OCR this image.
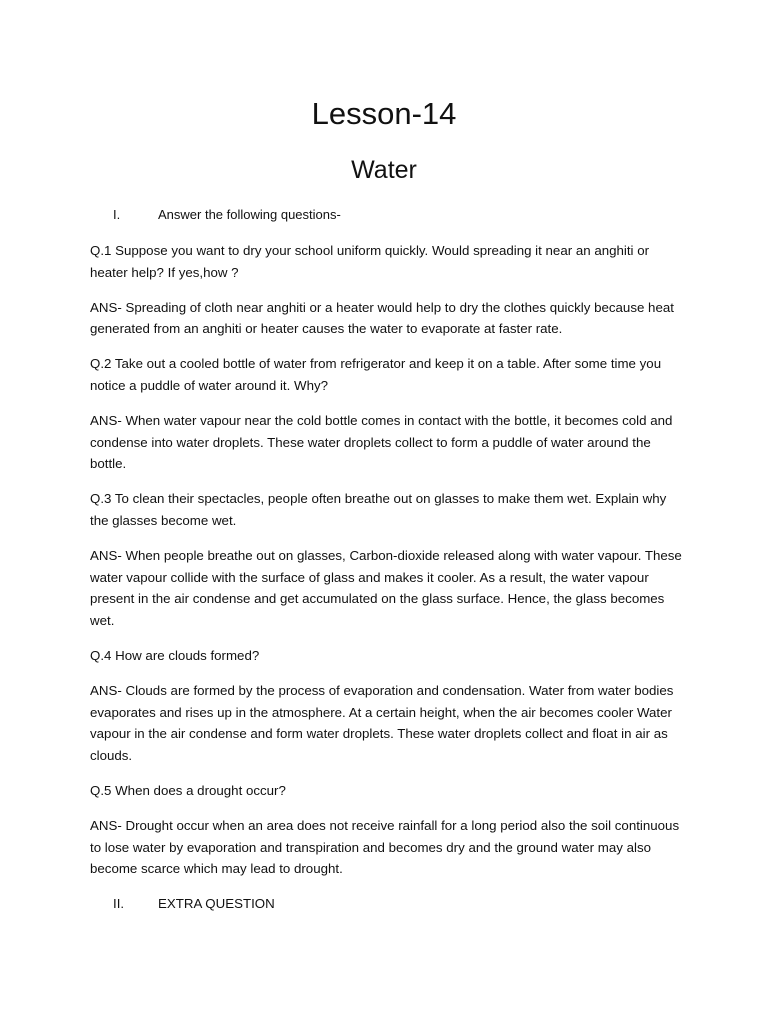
Lesson-14
Water
I.	Answer the following questions-
Q.1 Suppose you want to dry your school uniform quickly. Would spreading it near an anghiti or heater help? If yes,how ?
ANS- Spreading of cloth near anghiti or a heater would help to dry the clothes quickly because heat generated from an anghiti or heater causes the water to evaporate at faster rate.
Q.2 Take out a cooled bottle of water from refrigerator and keep it on a table. After some time you notice a puddle of water around it. Why?
ANS- When water vapour near the cold bottle comes in contact with the bottle, it becomes cold and condense into water droplets. These water droplets collect to form a puddle of water around the bottle.
Q.3 To clean their spectacles, people often breathe out on glasses to make them wet. Explain why the glasses become wet.
ANS- When people breathe out on glasses, Carbon-dioxide released along with water vapour. These water vapour collide with the surface of glass and makes it cooler. As a result, the water vapour present in the air condense and get accumulated on the glass surface. Hence, the glass becomes wet.
Q.4 How are clouds formed?
ANS- Clouds are formed by the process of evaporation and condensation. Water from water bodies evaporates and rises up in the atmosphere. At a certain height, when the air becomes cooler Water vapour in the air condense and form water droplets. These water droplets collect and float in air as clouds.
Q.5 When does a drought occur?
ANS- Drought occur when an area does not receive rainfall for a long period also the soil continuous to lose water by evaporation and transpiration and becomes dry and the ground water may also become scarce which may lead to drought.
II.	EXTRA QUESTION
